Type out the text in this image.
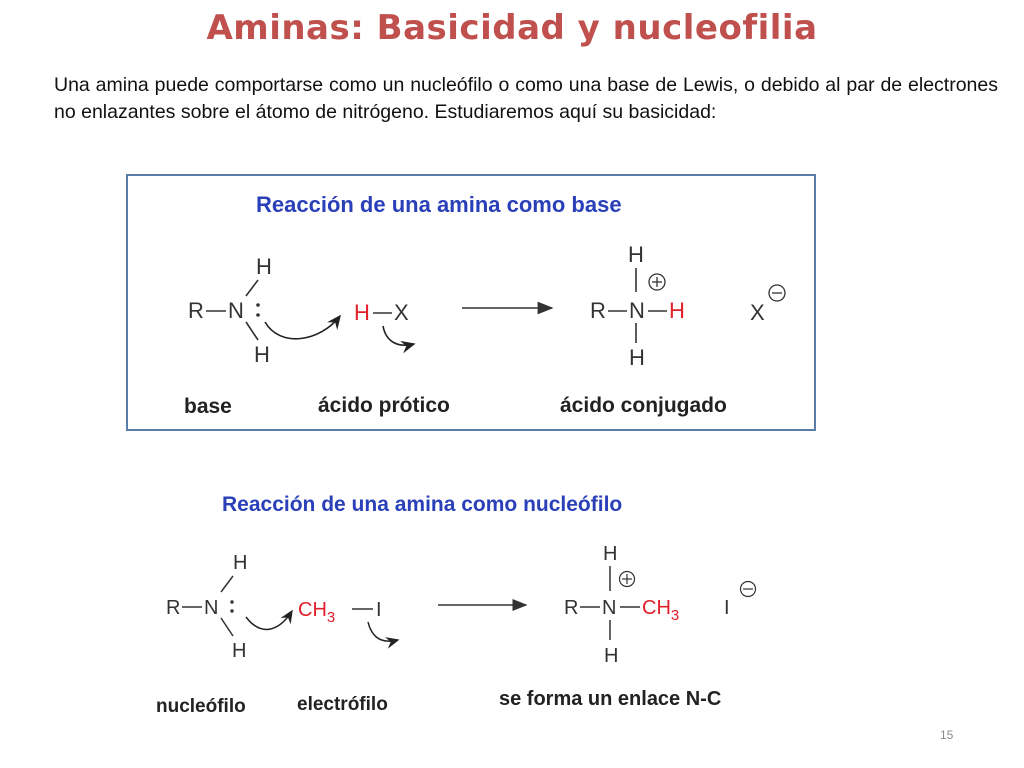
Aminas: Basicidad y nucleofilia
Una amina puede comportarse como un nucleófilo o como una base de Lewis, o debido al par de electrones no enlazantes sobre el átomo de nitrógeno. Estudiaremos aquí su basicidad:
Reacción de una amina como base
R N
H
H
H X
H
R N H
H
X
base	ácido prótico	ácido conjugado
Reacción de una amina como nucleófilo
R N
H
H
$CH_3$ I
H
R N $CH_3$
H
I
nucleófilo	electrófilo	se forma un enlace N-C
15
